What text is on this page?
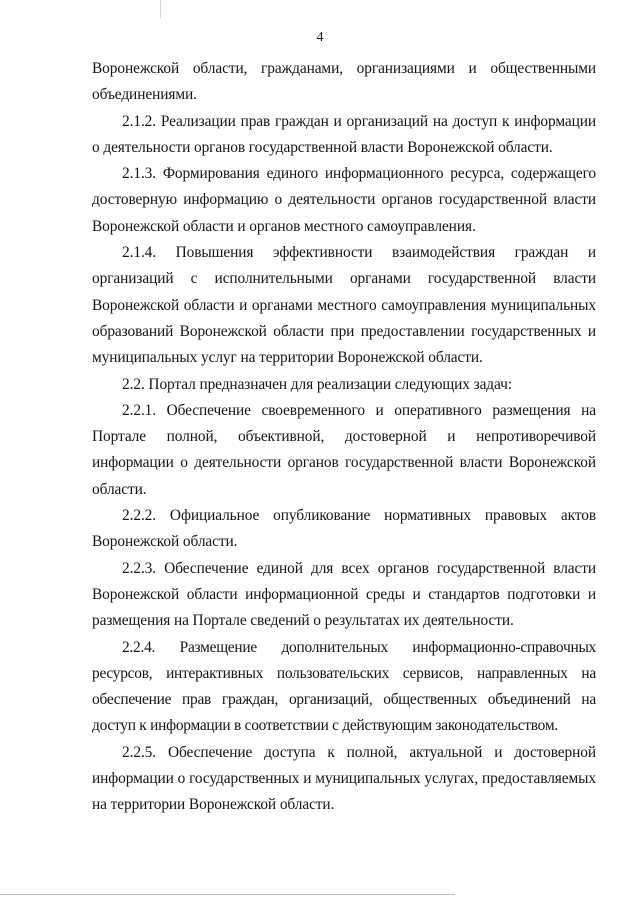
4

Воронежской области, гражданами, организациями и общественными объединениями.

2.1.2. Реализации прав граждан и организаций на доступ к информации о деятельности органов государственной власти Воронежской области.

2.1.3. Формирования единого информационного ресурса, содержащего достоверную информацию о деятельности органов государственной власти Воронежской области и органов местного самоуправления.

2.1.4. Повышения эффективности взаимодействия граждан и организаций с исполнительными органами государственной власти Воронежской области и органами местного самоуправления муниципальных образований Воронежской области при предоставлении государственных и муниципальных услуг на территории Воронежской области.

2.2. Портал предназначен для реализации следующих задач:

2.2.1. Обеспечение своевременного и оперативного размещения на Портале полной, объективной, достоверной и непротиворечивой информации о деятельности органов государственной власти Воронежской области.

2.2.2. Официальное опубликование нормативных правовых актов Воронежской области.

2.2.3. Обеспечение единой для всех органов государственной власти Воронежской области информационной среды и стандартов подготовки и размещения на Портале сведений о результатах их деятельности.

2.2.4. Размещение дополнительных информационно-справочных ресурсов, интерактивных пользовательских сервисов, направленных на обеспечение прав граждан, организаций, общественных объединений на доступ к информации в соответствии с действующим законодательством.

2.2.5. Обеспечение доступа к полной, актуальной и достоверной информации о государственных и муниципальных услугах, предоставляемых на территории Воронежской области.
